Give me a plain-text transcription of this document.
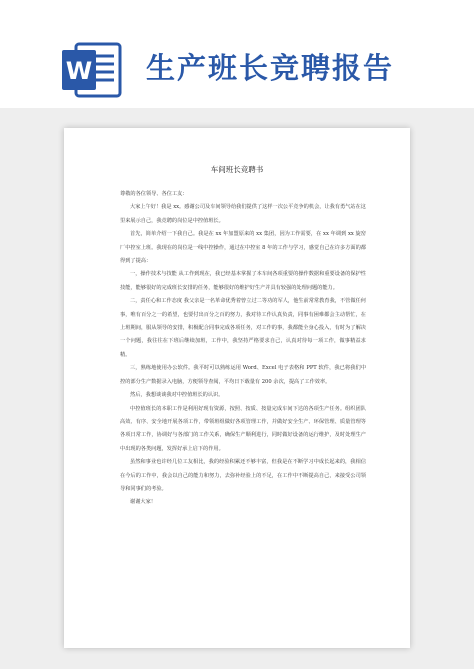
W 生产班长竞聘报告
车间班长竞聘书

尊敬的各位领导、各位工友：

大家上午好！我是 xx。感谢公司及车间领导给我们提供了这样一次公平竞争的机会，让我有勇气站在这里来展示自己，我竞聘的岗位是中控值班长。

首先，简单介绍一下我自己。我是在 xx 年加盟原来的 xx 集团，因为工作需要，在 xx 年调到 xx 旋窑厂中控室上班。我现在的岗位是一线中控操作，通过在中控室 8 年的工作与学习，感觉自己在许多方面的都得到了提高：

一，操作技术与技能 从工作到现在，我已经基本掌握了本车间各项重要的操作数据和重要设备的保护性技能，能够很好的完成班长安排的任务，能够很好的维护好生产并具有较强的处理问题的能力。

二，责任心和工作态度 我父亲是一名革命优秀着曾立过二等功的军人，他生前常常教育我，不管做任何事，唯有百分之一的希望，也要付出百分之百的努力，我对待工作认真负责，同事有困难都会主动帮忙，在上班期间，服从领导的安排，积极配合同事完成各项任务，对工作的事，我都能全身心投入，有时为了解决一个问题，我往往在下班后继续加班，工作中，我坚持严格要求自己，认真对待每一项工作，做事精益求精。

三，熟练地使用办公软件。我平时可以熟练运用 Word、Excel 电子表格和 PPT 软件，我已将我们中控的部分生产数据录入电脑，方便领导查阅，平均日下载量有 200 余次，提高了工作效率。

然后，我想谈谈我对中控值班长的认识。

中控值班长的本职工作是利用好现有资源，按照、按质、按量完成车间下达的各项生产任务。组织团队高效、有序、安全地开展各项工作，带领班组做好各项管理工作，并做好安全生产、环保管理、质量管理等各项日常工作，协调好与各部门的工作关系，确保生产顺利进行，同时做好设备的运行维护，及时处理生产中出现的各类问题，发挥好承上启下的作用。

虽然和事业也许经几位工友相比，我的经验积累还不够丰富，但我是在不断学习中成长起来的，我相信在今后的工作中，我会以自己的能力和努力，去弥补经验上的不足，在工作中不断提高自己，来接受公司领导和同事们的考验。

谢谢大家！
